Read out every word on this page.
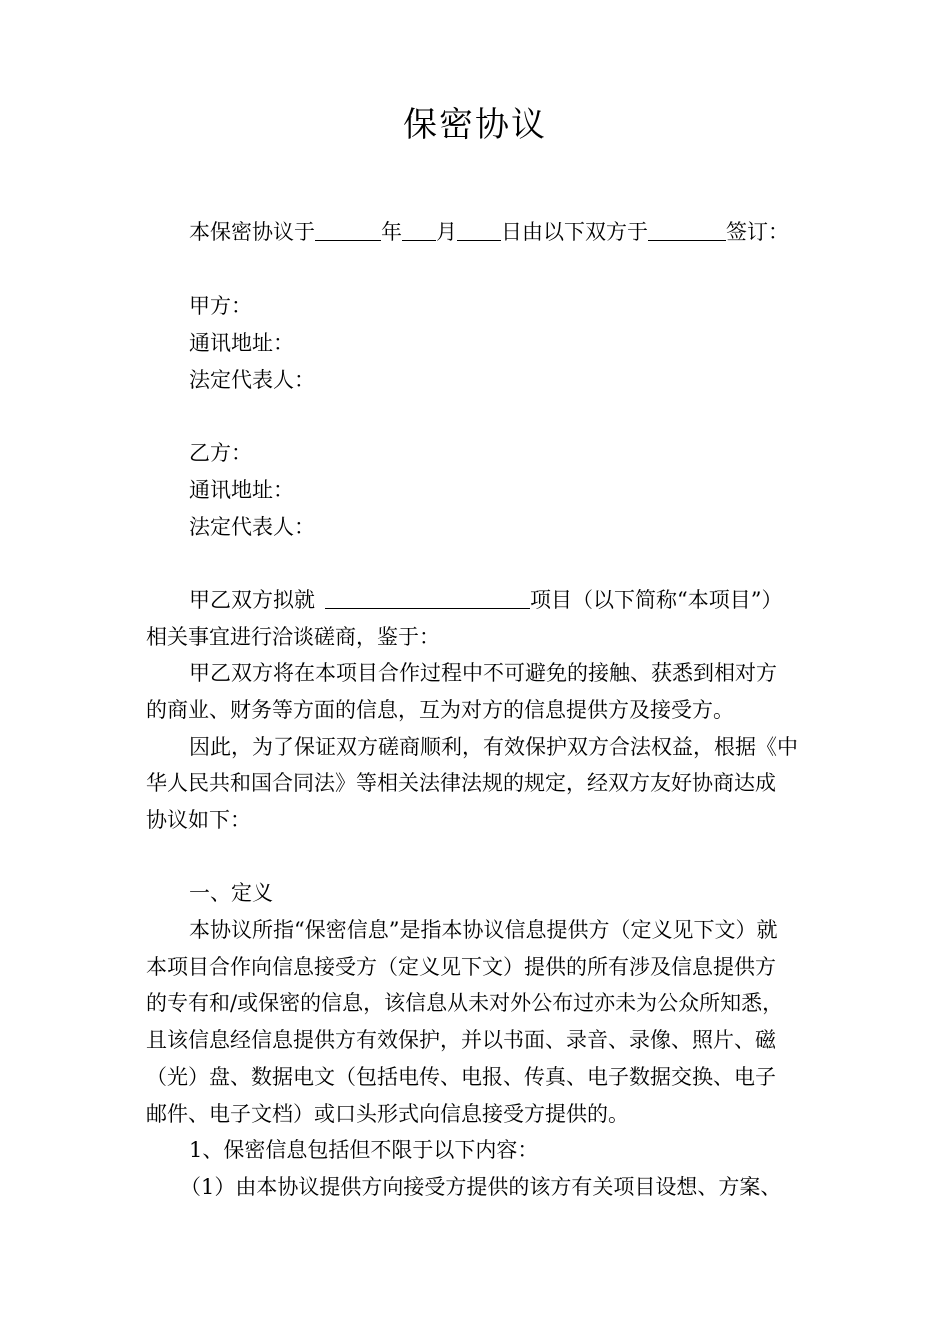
保密协议
本保密协议于	年 月 日由以下双方于	签订：
甲方：
通讯地址：
法定代表人：
乙方：
通讯地址：
法定代表人：
甲乙双方拟就	项目（以下简称“本项目”）
相关事宜进行洽谈磋商，鉴于：
甲乙双方将在本项目合作过程中不可避免的接触、获悉到相对方
的商业、财务等方面的信息，互为对方的信息提供方及接受方。
因此，为了保证双方磋商顺利，有效保护双方合法权益，根据《中
华人民共和国合同法》等相关法律法规的规定，经双方友好协商达成
协议如下：
一、定义
本协议所指“保密信息”是指本协议信息提供方（定义见下文）就
本项目合作向信息接受方（定义见下文）提供的所有涉及信息提供方
的专有和/或保密的信息，该信息从未对外公布过亦未为公众所知悉，
且该信息经信息提供方有效保护，并以书面、录音、录像、照片、磁
（光）盘、数据电文（包括电传、电报、传真、电子数据交换、电子
邮件、电子文档）或口头形式向信息接受方提供的。
1、保密信息包括但不限于以下内容：
（1）由本协议提供方向接受方提供的该方有关项目设想、方案、
